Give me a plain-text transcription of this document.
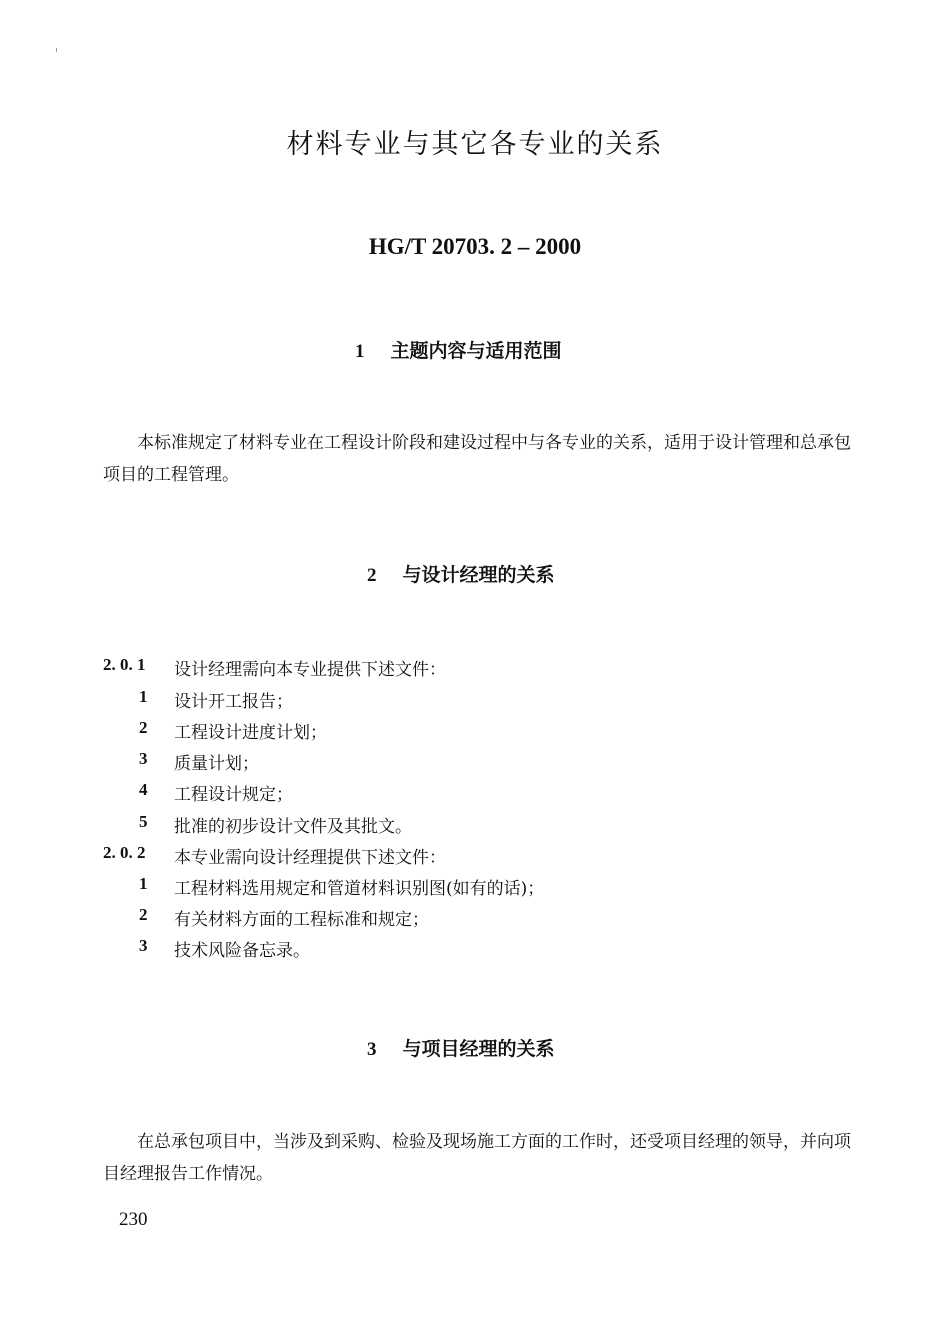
材料专业与其它各专业的关系
HG/T 20703. 2 – 2000
1 主题内容与适用范围
本标准规定了材料专业在工程设计阶段和建设过程中与各专业的关系，适用于设计管理和总承包项目的工程管理。
2 与设计经理的关系
2. 0. 1 设计经理需向本专业提供下述文件：
1 设计开工报告；
2 工程设计进度计划；
3 质量计划；
4 工程设计规定；
5 批准的初步设计文件及其批文。
2. 0. 2 本专业需向设计经理提供下述文件：
1 工程材料选用规定和管道材料识别图(如有的话)；
2 有关材料方面的工程标准和规定；
3 技术风险备忘录。
3 与项目经理的关系
在总承包项目中，当涉及到采购、检验及现场施工方面的工作时，还受项目经理的领导，并向项目经理报告工作情况。
230
